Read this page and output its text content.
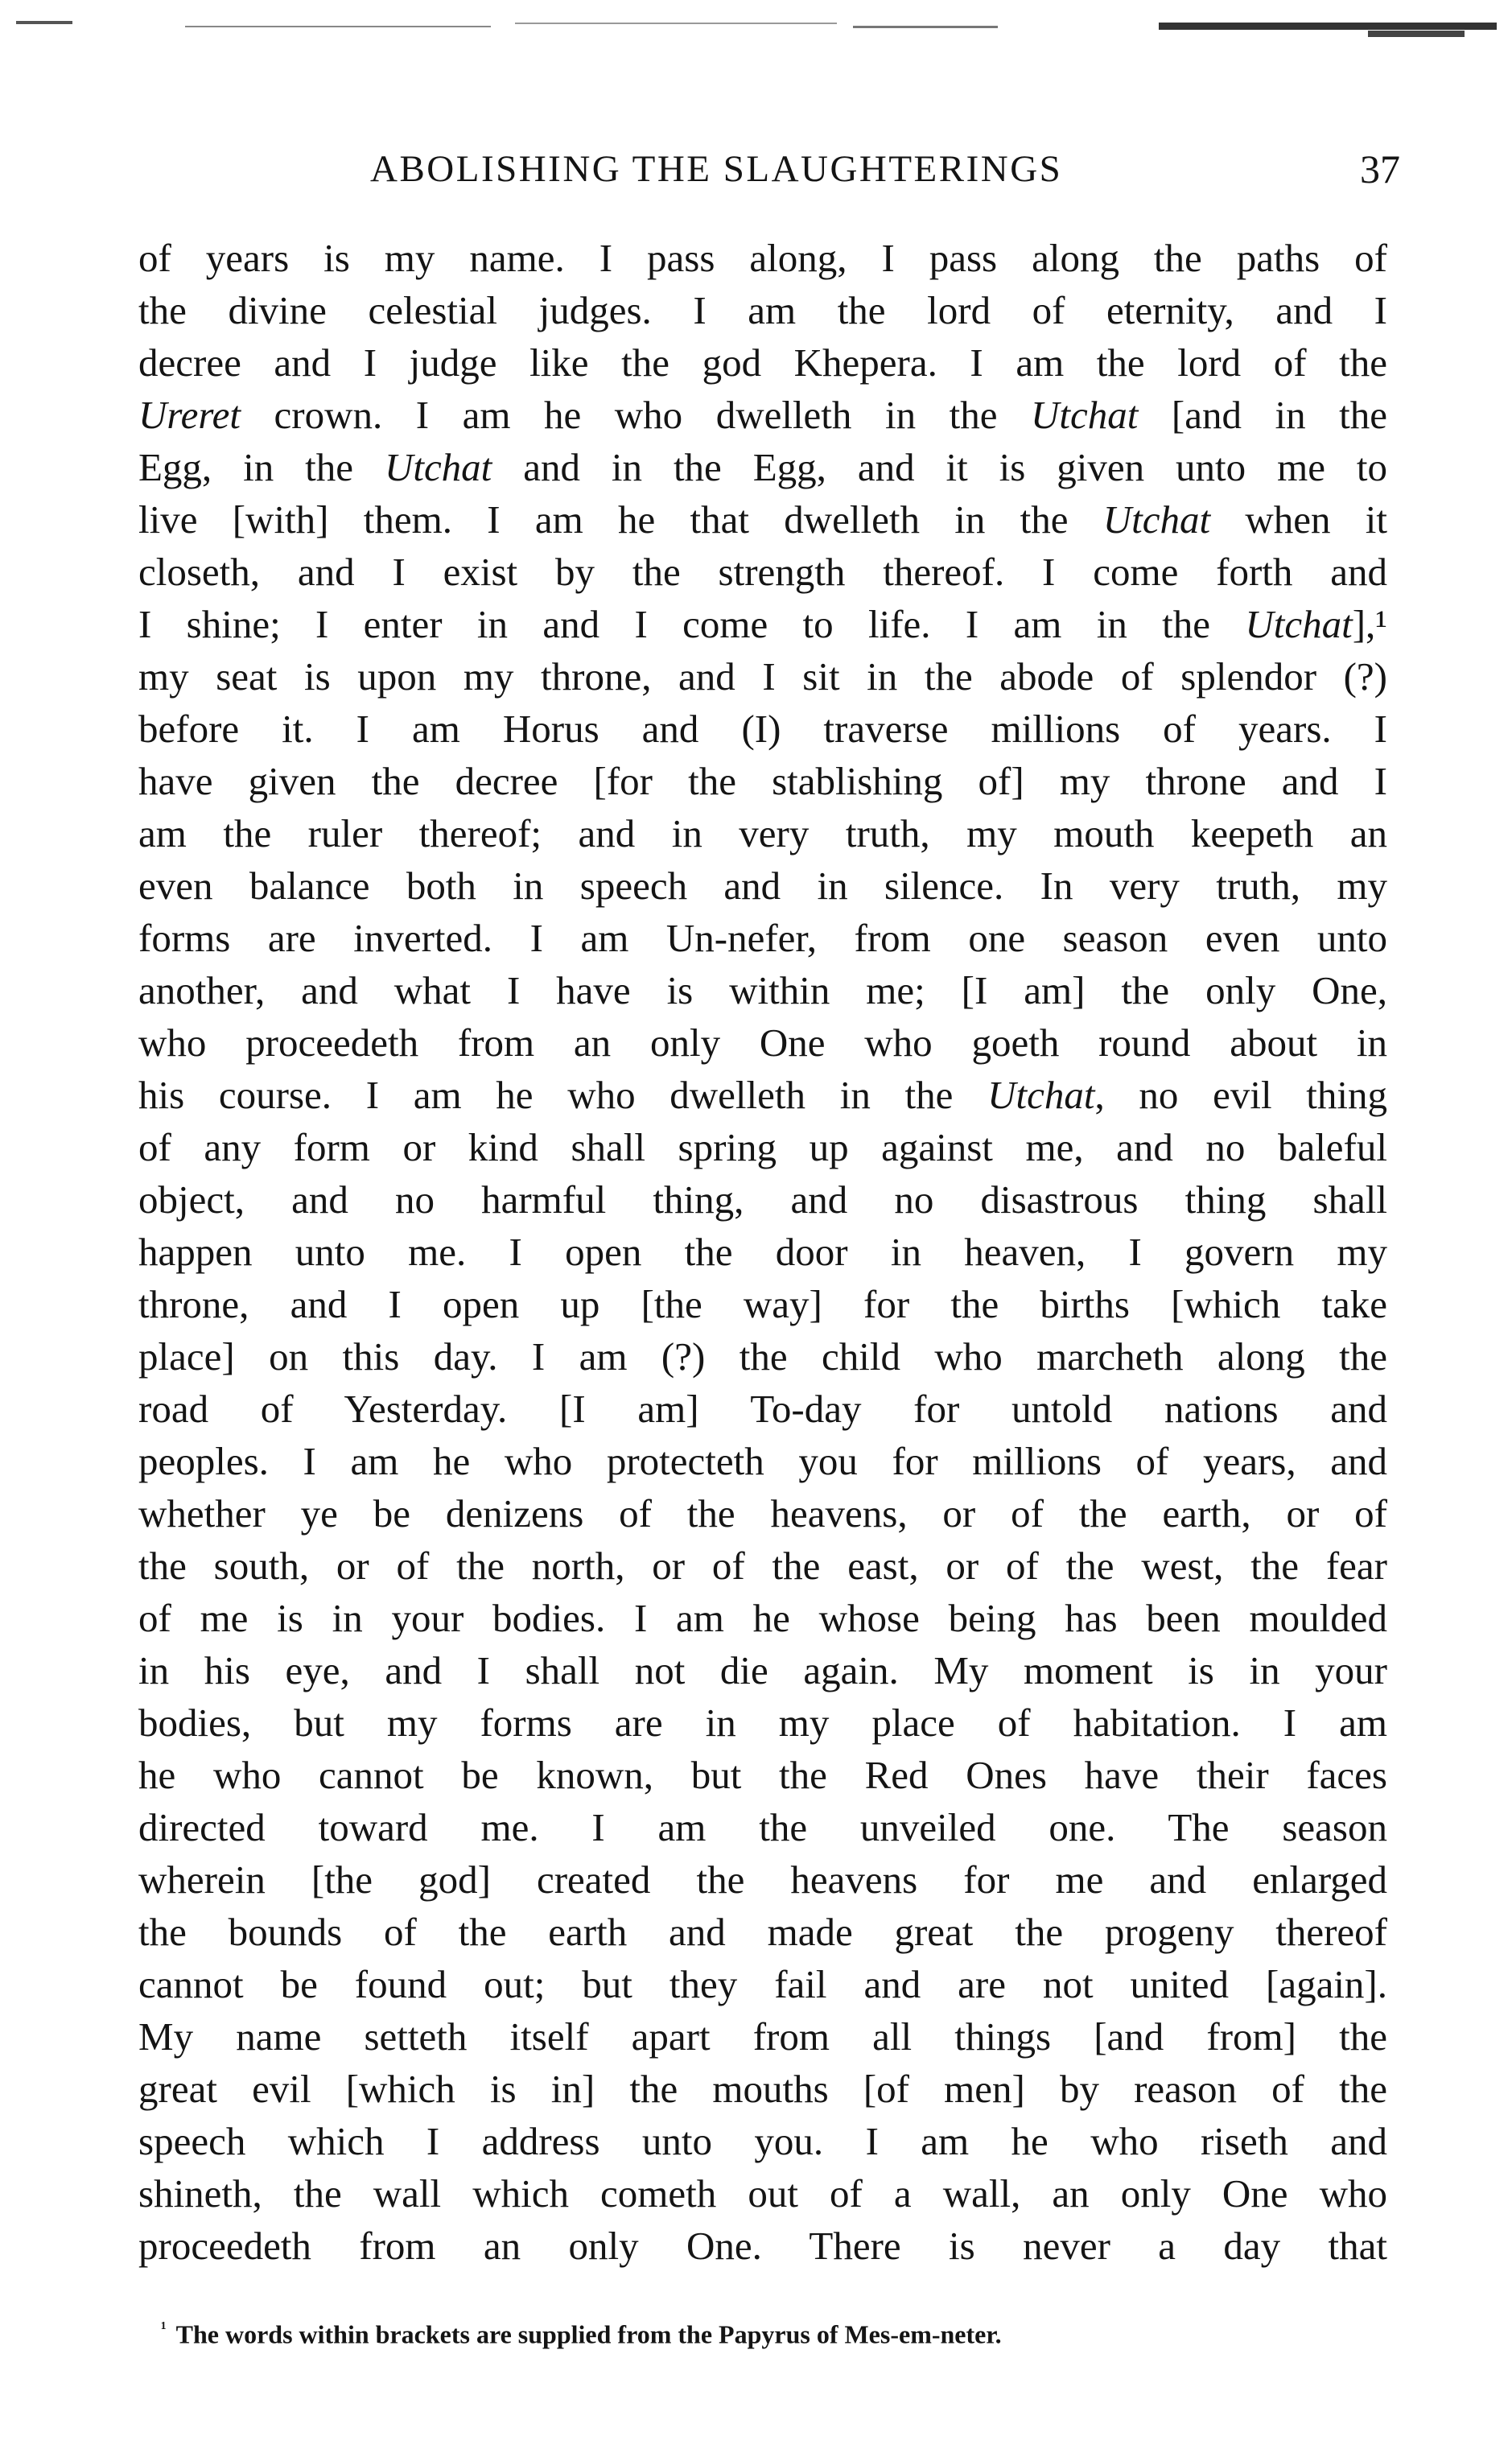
ABOLISHING THE SLAUGHTERINGS	37
of years is my name. I pass along, I pass along the paths of
the divine celestial judges. I am the lord of eternity, and I
decree and I judge like the god Khepera. I am the lord of the
Ureret crown. I am he who dwelleth in the Utchat [and in the
Egg, in the Utchat and in the Egg, and it is given unto me to
live [with] them. I am he that dwelleth in the Utchat when it
closeth, and I exist by the strength thereof. I come forth and
I shine; I enter in and I come to life. I am in the Utchat],¹
my seat is upon my throne, and I sit in the abode of splendor (?)
before it. I am Horus and (I) traverse millions of years. I
have given the decree [for the stablishing of] my throne and I
am the ruler thereof; and in very truth, my mouth keepeth an
even balance both in speech and in silence. In very truth, my
forms are inverted. I am Un-nefer, from one season even unto
another, and what I have is within me; [I am] the only One,
who proceedeth from an only One who goeth round about in
his course. I am he who dwelleth in the Utchat, no evil thing
of any form or kind shall spring up against me, and no baleful
object, and no harmful thing, and no disastrous thing shall
happen unto me. I open the door in heaven, I govern my
throne, and I open up [the way] for the births [which take
place] on this day. I am (?) the child who marcheth along the
road of Yesterday. [I am] To-day for untold nations and
peoples. I am he who protecteth you for millions of years, and
whether ye be denizens of the heavens, or of the earth, or of
the south, or of the north, or of the east, or of the west, the fear
of me is in your bodies. I am he whose being has been moulded
in his eye, and I shall not die again. My moment is in your
bodies, but my forms are in my place of habitation. I am
he who cannot be known, but the Red Ones have their faces
directed toward me. I am the unveiled one. The season
wherein [the god] created the heavens for me and enlarged
the bounds of the earth and made great the progeny thereof
cannot be found out; but they fail and are not united [again].
My name setteth itself apart from all things [and from] the
great evil [which is in] the mouths [of men] by reason of the
speech which I address unto you. I am he who riseth and
shineth, the wall which cometh out of a wall, an only One who
proceedeth from an only One. There is never a day that
$^{^1}$ The words within brackets are supplied from the Papyrus of Mes-em-neter.
